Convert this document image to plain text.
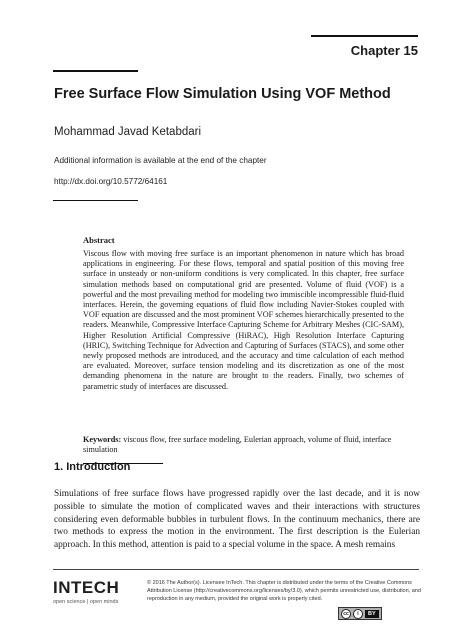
Chapter 15
Free Surface Flow Simulation Using VOF Method
Mohammad Javad Ketabdari
Additional information is available at the end of the chapter
http://dx.doi.org/10.5772/64161
Abstract
Viscous flow with moving free surface is an important phenomenon in nature which has broad applications in engineering. For these flows, temporal and spatial position of this moving free surface in unsteady or non-uniform conditions is very complicated. In this chapter, free surface simulation methods based on computational grid are presented. Volume of fluid (VOF) is a powerful and the most prevailing method for modeling two immiscible incompressible fluid-fluid interfaces. Herein, the governing equations of fluid flow including Navier-Stokes coupled with VOF equation are discussed and the most prominent VOF schemes hierarchically presented to the readers. Meanwhile, Compressive Interface Capturing Scheme for Arbitrary Meshes (CIC-SAM), Higher Resolution Artificial Compressive (HiRAC), High Resolution Interface Capturing (HRIC), Switching Technique for Advection and Capturing of Surfaces (STACS), and some other newly proposed methods are introduced, and the accuracy and time calculation of each method are evaluated. Moreover, surface tension modeling and its discretization as one of the most demanding phenomena in the nature are brought to the readers. Finally, two schemes of parametric study of interfaces are discussed.
Keywords: viscous flow, free surface modeling, Eulerian approach, volume of fluid, interface simulation
1. Introduction
Simulations of free surface flows have progressed rapidly over the last decade, and it is now possible to simulate the motion of complicated waves and their interactions with structures considering even deformable bubbles in turbulent flows. In the continuum mechanics, there are two methods to express the motion in the environment. The first description is the Eulerian approach. In this method, attention is paid to a special volume in the space. A mesh remains
INTECH
open science | open minds
© 2016 The Author(s). Licensee InTech. This chapter is distributed under the terms of the Creative Commons Attribution License (http://creativecommons.org/licenses/by/3.0), which permits unrestricted use, distribution, and reproduction in any medium, provided the original work is properly cited.
cc	i	BY
